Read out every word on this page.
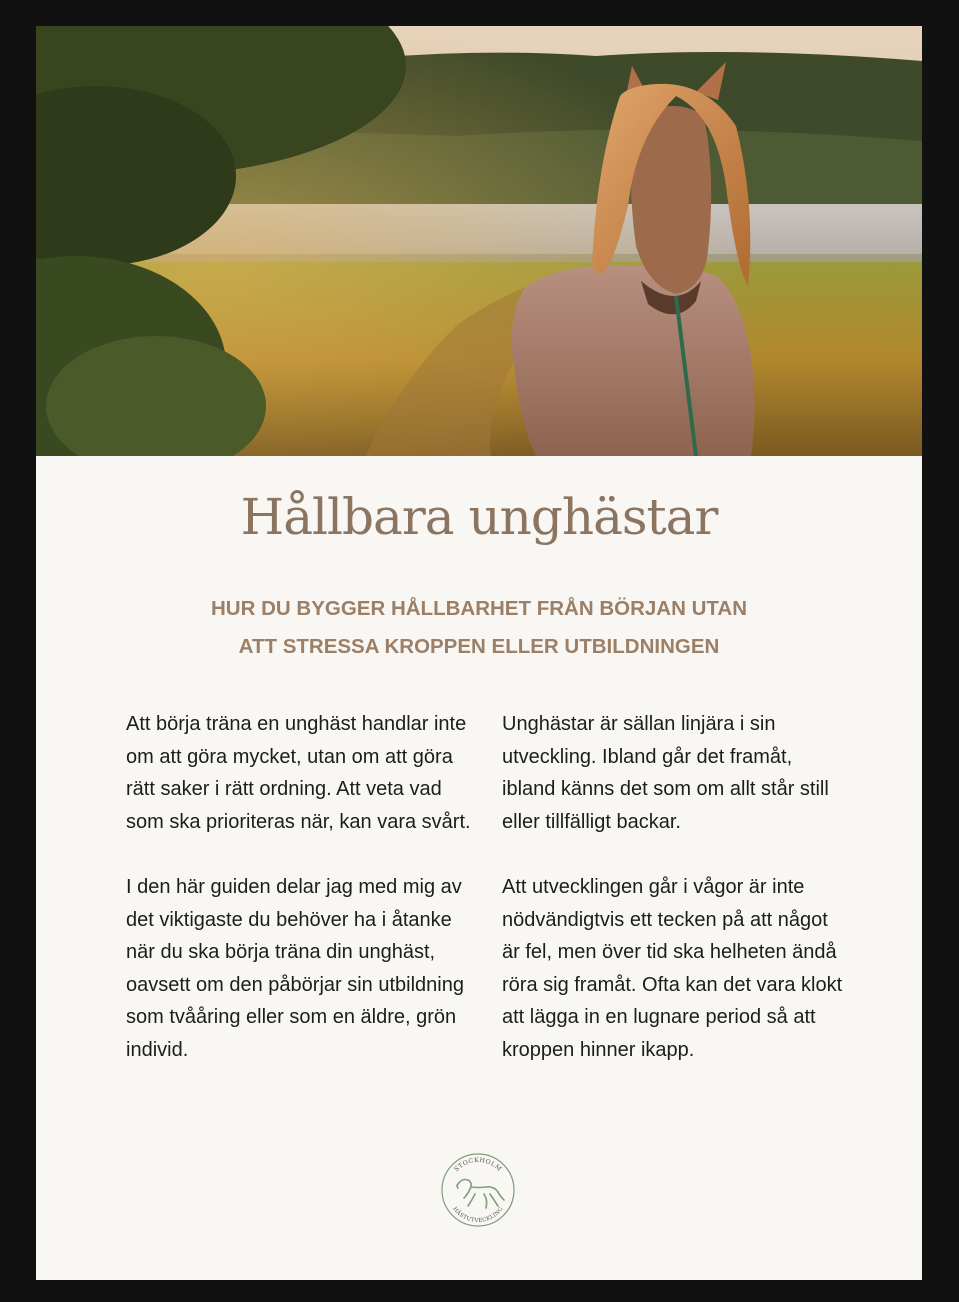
Hållbara unghästar
HUR DU BYGGER HÅLLBARHET FRÅN BÖRJAN UTAN
ATT STRESSA KROPPEN ELLER UTBILDNINGEN

Att börja träna en unghäst handlar inte om att göra mycket, utan om att göra rätt saker i rätt ordning. Att veta vad som ska prioriteras när, kan vara svårt.

I den här guiden delar jag med mig av det viktigaste du behöver ha i åtanke när du ska börja träna din unghäst, oavsett om den påbörjar sin utbildning som tvååring eller som en äldre, grön individ.

Unghästar är sällan linjära i sin utveckling. Ibland går det framåt, ibland känns det som om allt står still eller tillfälligt backar.

Att utvecklingen går i vågor är inte nödvändigtvis ett tecken på att något är fel, men över tid ska helheten ändå röra sig framåt. Ofta kan det vara klokt att lägga in en lugnare period så att kroppen hinner ikapp.

STOCKHOLM
HÄSTUTVECKLING
